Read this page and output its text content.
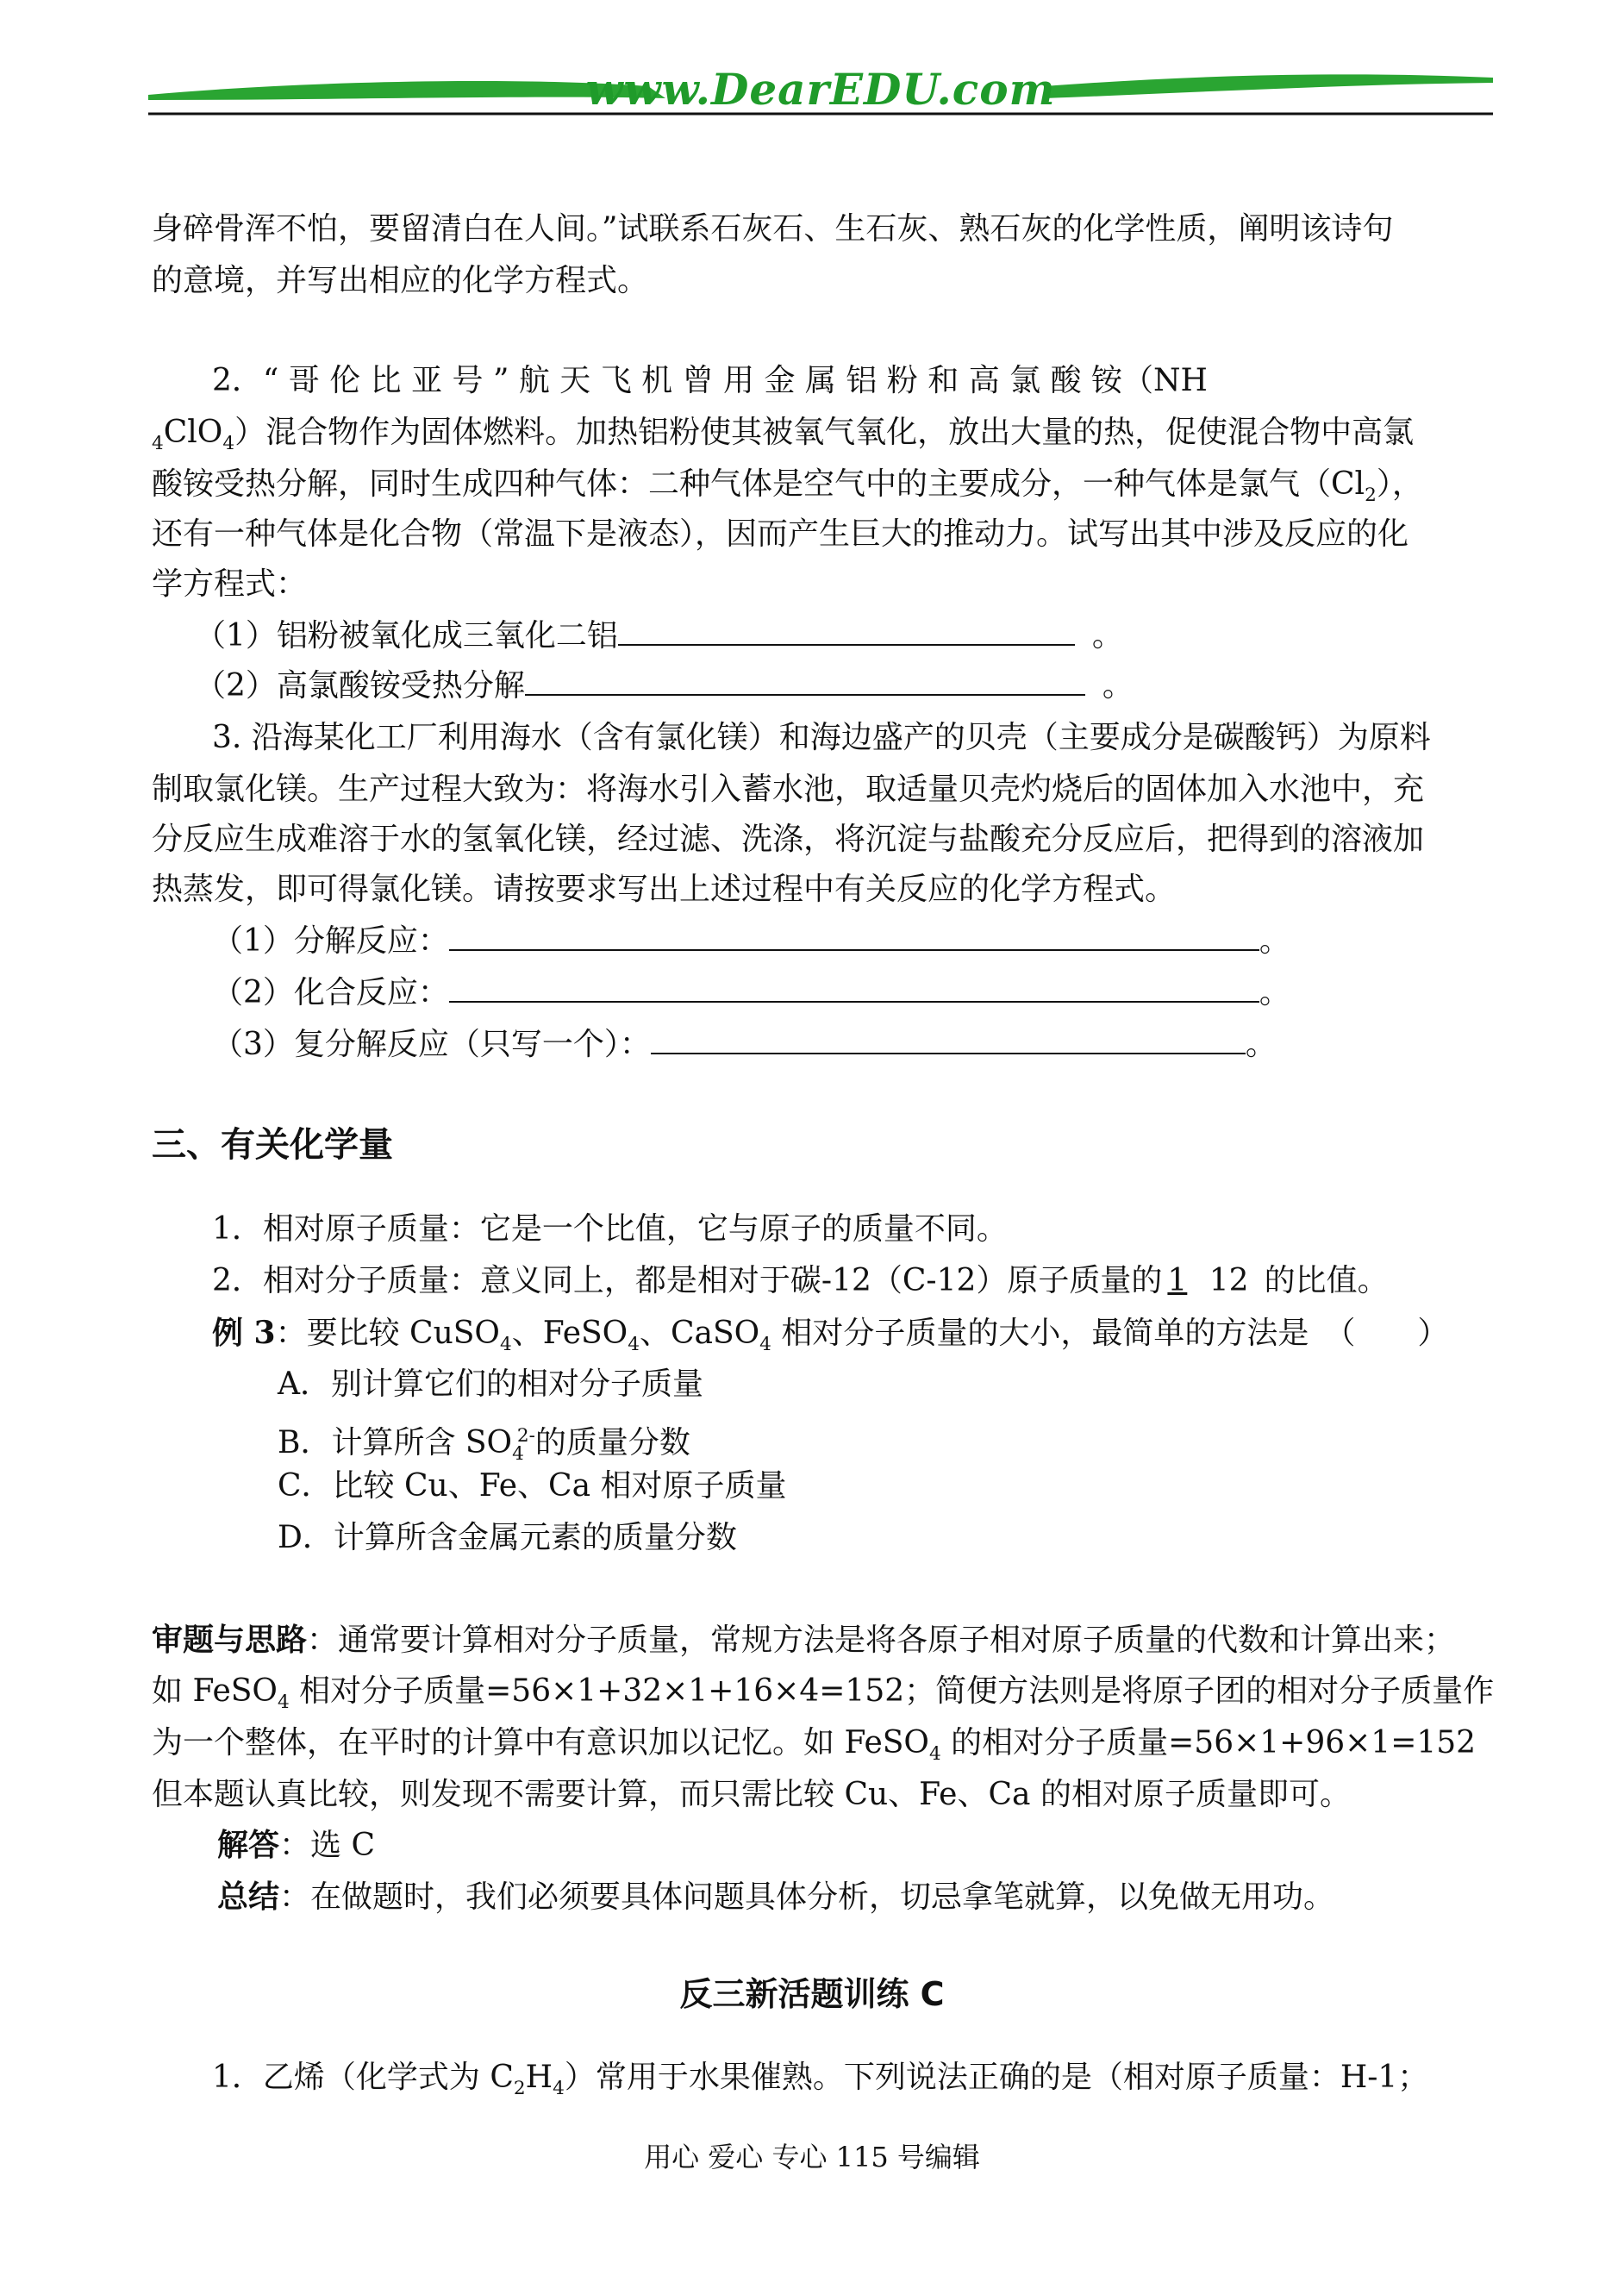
www.DearEDU.com
身碎骨浑不怕，要留清白在人间。”试联系石灰石、生石灰、熟石灰的化学性质，阐明该诗句
的意境，并写出相应的化学方程式。
2．“ 哥 伦 比 亚 号 ” 航 天 飞 机 曾 用 金 属 铝 粉 和 高 氯 酸 铵（NH
$_4$ClO$_4$）混合物作为固体燃料。加热铝粉使其被氧气氧化，放出大量的热，促使混合物中高氯
酸铵受热分解，同时生成四种气体：二种气体是空气中的主要成分，一种气体是氯气$(Cl_2)$，
还有一种气体是化合物（常温下是液态），因而产生巨大的推动力。试写出其中涉及反应的化
学方程式：
（1）铝粉被氧化成三氧化二铝	。
（2）高氯酸铵受热分解	。
3. 沿海某化工厂利用海水（含有氯化镁）和海边盛产的贝壳（主要成分是碳酸钙）为原料
制取氯化镁。生产过程大致为：将海水引入蓄水池，取适量贝壳灼烧后的固体加入水池中，充
分反应生成难溶于水的氢氧化镁，经过滤、洗涤，将沉淀与盐酸充分反应后，把得到的溶液加
热蒸发，即可得氯化镁。请按要求写出上述过程中有关反应的化学方程式。
（1）分解反应：	。
（2）化合反应：	。
（3）复分解反应（只写一个）：	。
三、有关化学量
1．相对原子质量：它是一个比值，它与原子的质量不同。
2．相对分子质量：意义同上，都是相对于碳-12（C-12）原子质量的 1 12 的比值。
例 3：要比较 CuSO$_4$、FeSO$_4$、CaSO$_4$ 相对分子质量的大小，最简单的方法是　（　　）
A．别计算它们的相对分子质量
B．计算所含 $SO_4^{2-}$的质量分数
C．比较 Cu、Fe、Ca 相对原子质量
D．计算所含金属元素的质量分数
审题与思路：通常要计算相对分子质量，常规方法是将各原子相对原子质量的代数和计算出来；
如 FeSO$_4$ 相对分子质量=56×1+32×1+16×4=152；简便方法则是将原子团的相对分子质量作
为一个整体，在平时的计算中有意识加以记忆。如 FeSO$_4$ 的相对分子质量=56×1+96×1=152
但本题认真比较，则发现不需要计算，而只需比较 Cu、Fe、Ca 的相对原子质量即可。
解答：选 C
总结：在做题时，我们必须要具体问题具体分析，切忌拿笔就算，以免做无用功。
反三新活题训练 C
1．乙烯（化学式为 $C_2H_4$）常用于水果催熟。下列说法正确的是（相对原子质量：H-1；
用心 爱心 专心 115 号编辑
